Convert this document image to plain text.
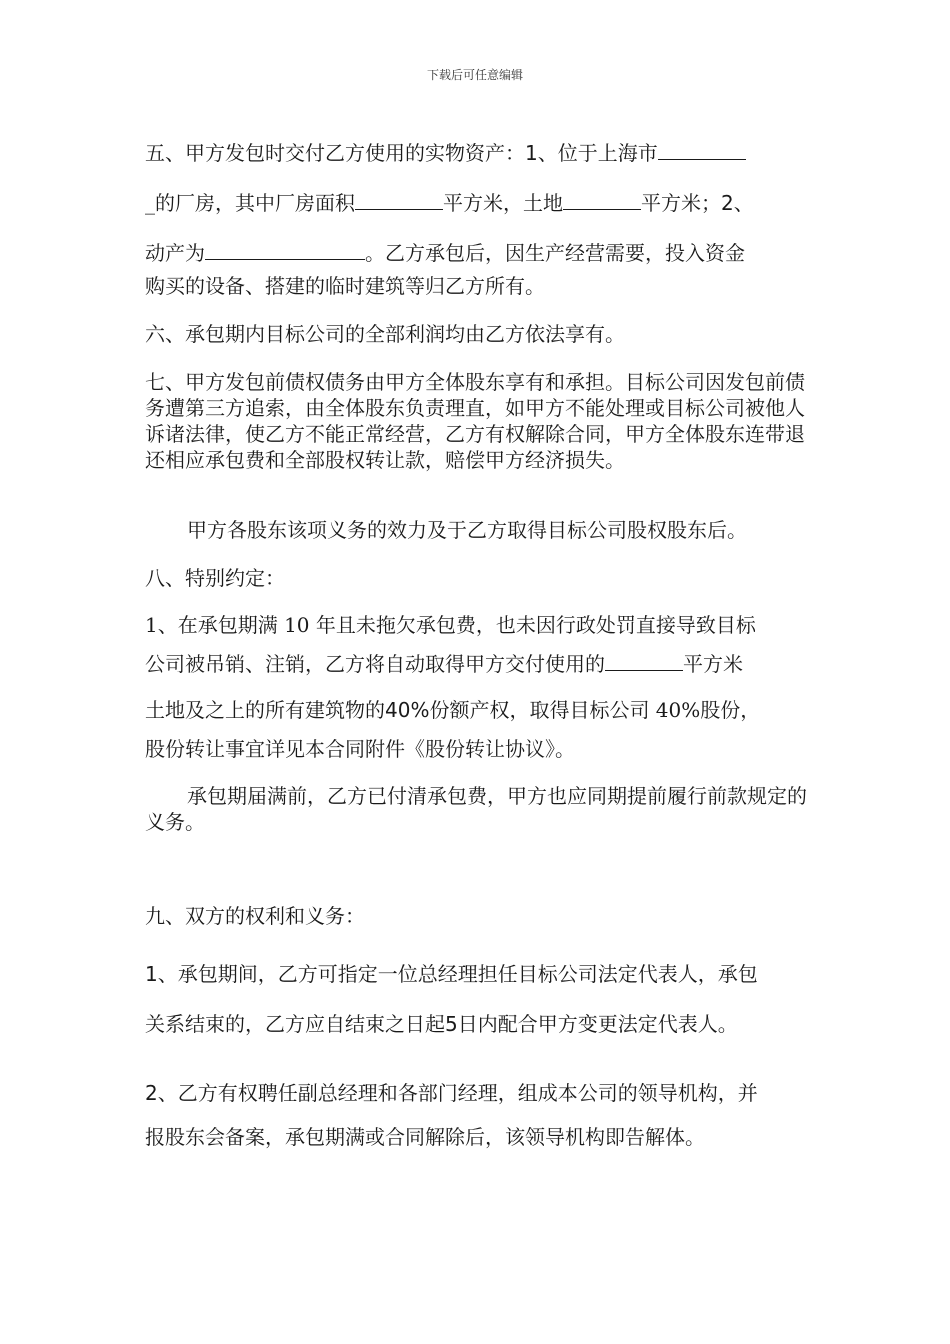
下载后可任意编辑

五、甲方发包时交付乙方使用的实物资产：1、位于上海市

_的厂房，其中厂房面积	平方米，土地	平方米；2、

动产为	。乙方承包后，因生产经营需要，投入资金

购买的设备、搭建的临时建筑等归乙方所有。

六、承包期内目标公司的全部利润均由乙方依法享有。

七、甲方发包前债权债务由甲方全体股东享有和承担。目标公司因发包前债务遭第三方追索，由全体股东负责理直，如甲方不能处理或目标公司被他人诉诸法律，使乙方不能正常经营，乙方有权解除合同，甲方全体股东连带退还相应承包费和全部股权转让款，赔偿甲方经济损失。

甲方各股东该项义务的效力及于乙方取得目标公司股权股东后。

八、特别约定：

1、在承包期满 10 年且未拖欠承包费，也未因行政处罚直接导致目标

公司被吊销、注销，乙方将自动取得甲方交付使用的	平方米

土地及之上的所有建筑物的40%份额产权，取得目标公司 40%股份，

股份转让事宜详见本合同附件《股份转让协议》。

承包期届满前，乙方已付清承包费，甲方也应同期提前履行前款规定的义务。

九、双方的权利和义务：

1、承包期间，乙方可指定一位总经理担任目标公司法定代表人，承包

关系结束的，乙方应自结束之日起5日内配合甲方变更法定代表人。

2、乙方有权聘任副总经理和各部门经理，组成本公司的领导机构，并

报股东会备案，承包期满或合同解除后，该领导机构即告解体。
